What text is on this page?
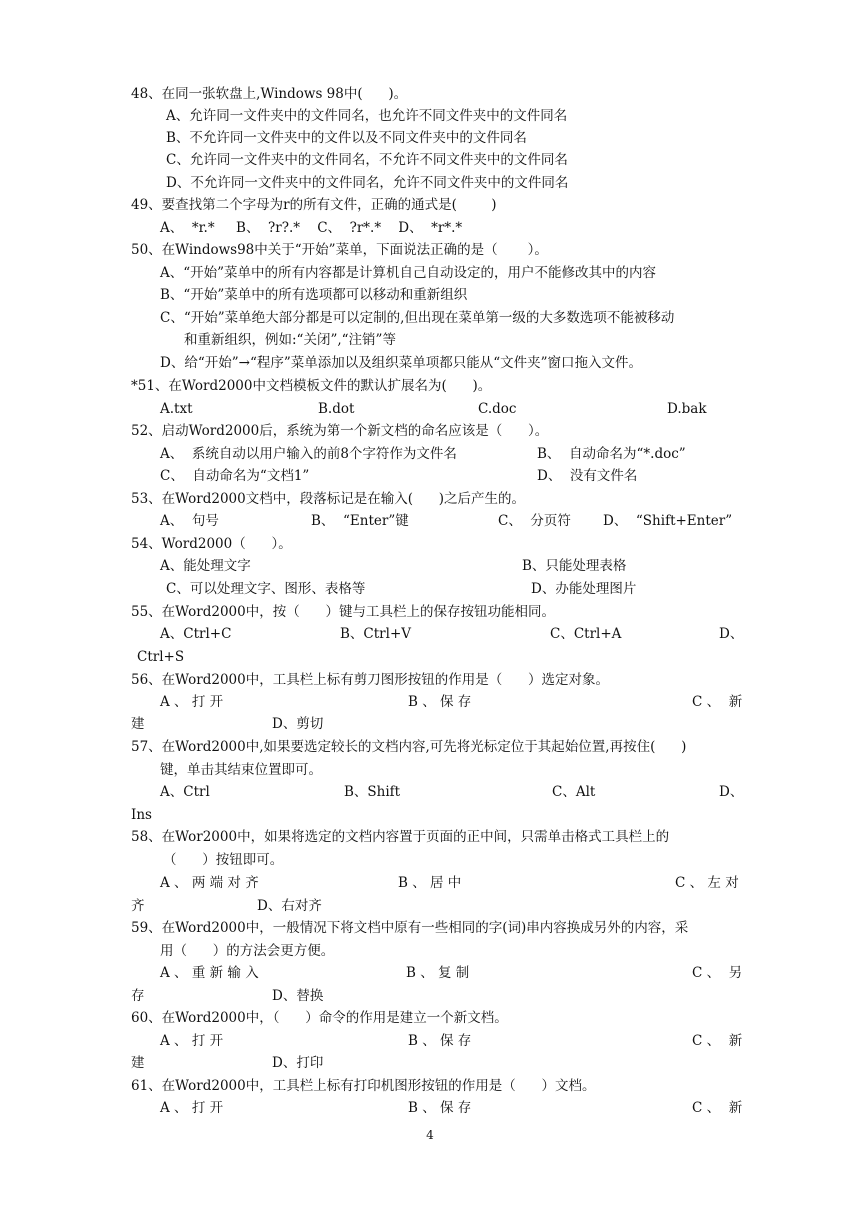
48、在同一张软盘上,Windows 98中(      )。
A、允许同一文件夹中的文件同名，也允许不同文件夹中的文件同名
B、不允许同一文件夹中的文件以及不同文件夹中的文件同名
C、允许同一文件夹中的文件同名，不允许不同文件夹中的文件同名
D、不允许同一文件夹中的文件同名，允许不同文件夹中的文件同名
49、要查找第二个字母为r的所有文件，正确的通式是(        )
A、  *r.*     B、  ?r?.*    C、  ?r*.*    D、  *r*.*
50、在Windows98中关于“开始”菜单，下面说法正确的是（       ）。
A、“开始”菜单中的所有内容都是计算机自己自动设定的，用户不能修改其中的内容
B、“开始”菜单中的所有选项都可以移动和重新组织
C、“开始”菜单绝大部分都是可以定制的,但出现在菜单第一级的大多数选项不能被移动
和重新组织，例如:“关闭”,“注销”等
D、给“开始”→“程序”菜单添加以及组织菜单项都只能从“文件夹”窗口拖入文件。
*51、在Word2000中文档模板文件的默认扩展名为(      )。
A.txt	B.dot	C.doc	D.bak
52、启动Word2000后，系统为第一个新文档的命名应该是（      ）。
A、  系统自动以用户输入的前8个字符作为文件名	B、  自动命名为“*.doc”
C、  自动命名为“文档1”	D、  没有文件名
53、在Word2000文档中，段落标记是在输入(      )之后产生的。
A、  句号	B、  “Enter”键	C、  分页符 D、  “Shift+Enter”
54、Word2000（      ）。
A、能处理文字	B、只能处理表格
C、可以处理文字、图形、表格等	D、办能处理图片
55、在Word2000中，按（      ）键与工具栏上的保存按钮功能相同。
A、Ctrl+C	B、Ctrl+V	C、Ctrl+A	D、
Ctrl+S
56、在Word2000中，工具栏上标有剪刀图形按钮的作用是（      ）选定对象。
A 、 打 开	B 、 保 存	C 、  新
建	D、剪切
57、在Word2000中,如果要选定较长的文档内容,可先将光标定位于其起始位置,再按住(      )
键，单击其结束位置即可。
A、Ctrl	B、Shift	C、Alt	D、
Ins
58、在Wor2000中，如果将选定的文档内容置于页面的正中间，只需单击格式工具栏上的
（      ）按钮即可。
A 、 两 端 对 齐	B 、 居 中	C 、 左 对
齐	D、右对齐
59、在Word2000中，一般情况下将文档中原有一些相同的字(词)串内容换成另外的内容，采
用（      ）的方法会更方便。
A 、 重 新 输 入	B 、 复 制	C 、  另
存	D、替换
60、在Word2000中，（      ）命令的作用是建立一个新文档。
A 、 打 开	B 、 保 存	C 、  新
建	D、打印
61、在Word2000中，工具栏上标有打印机图形按钮的作用是（      ）文档。
A 、 打 开	B 、 保 存	C 、  新
4
